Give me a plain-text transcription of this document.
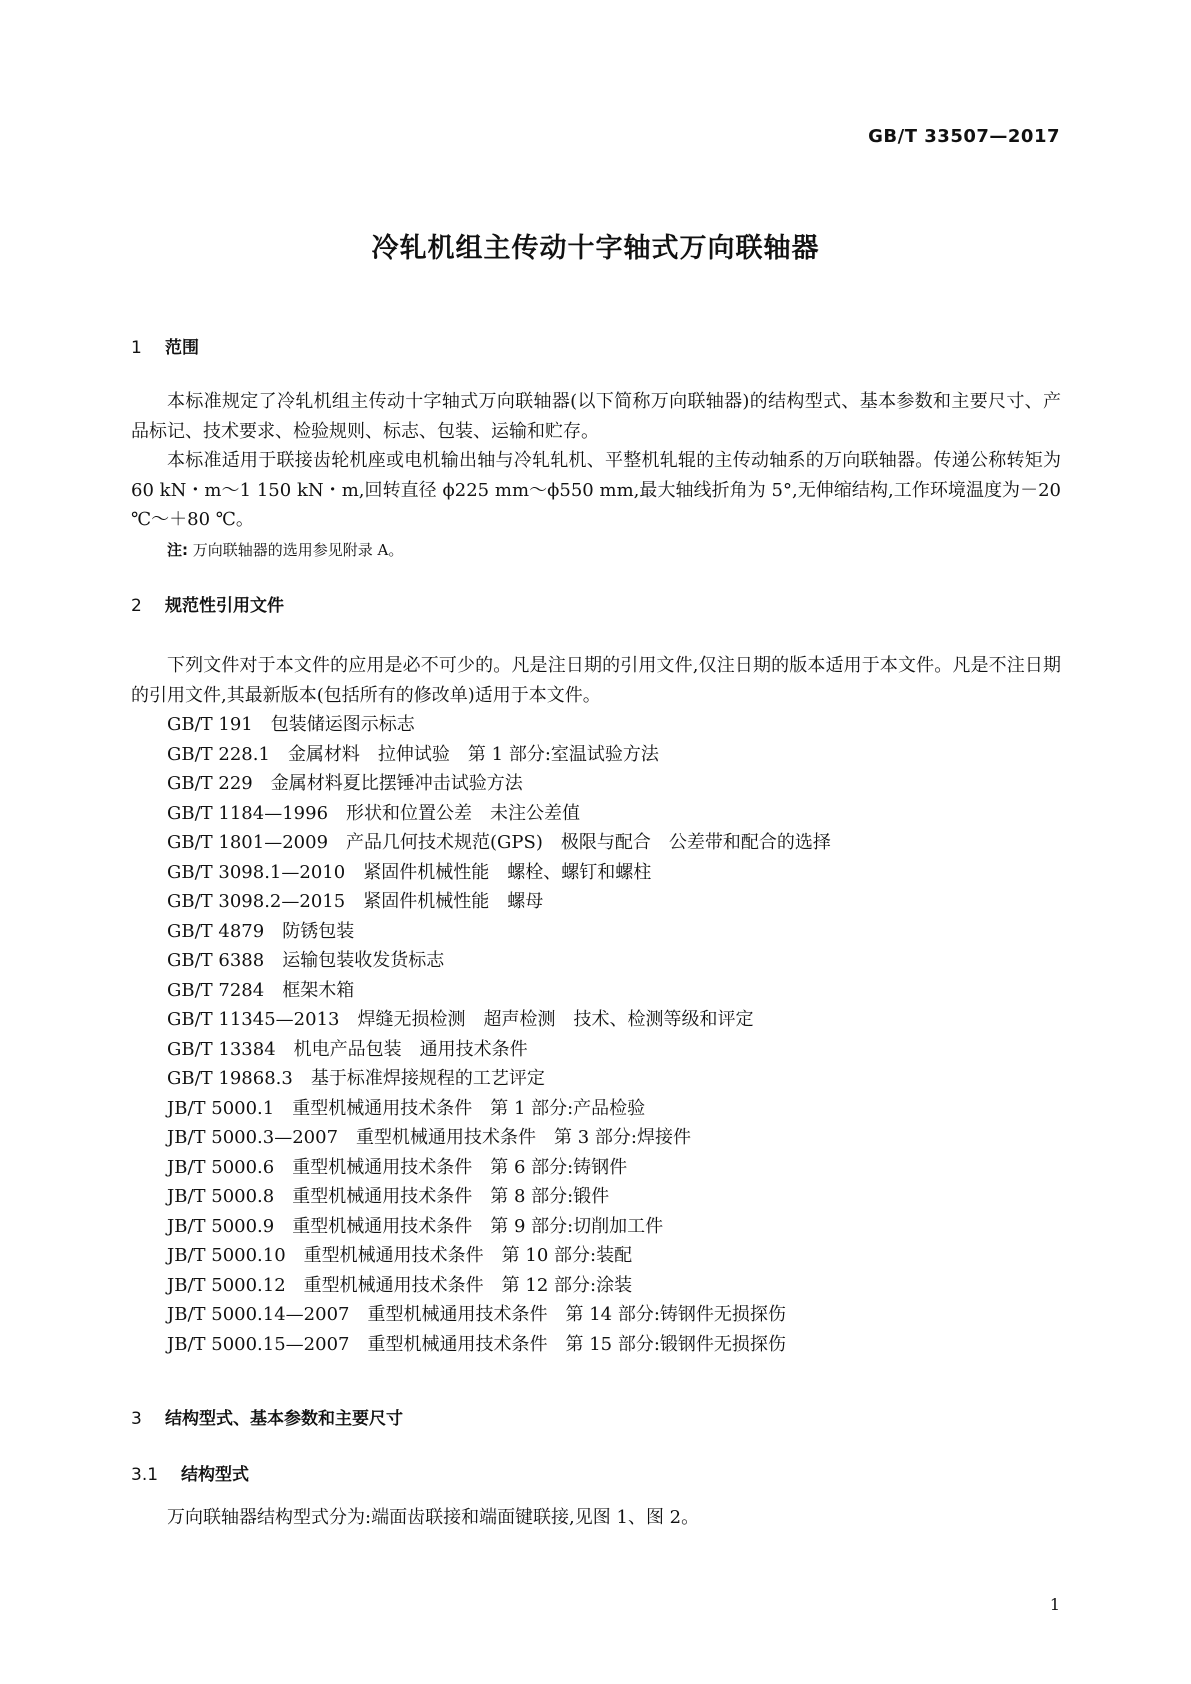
GB/T 33507—2017
冷轧机组主传动十字轴式万向联轴器
1 范围
本标准规定了冷轧机组主传动十字轴式万向联轴器(以下简称万向联轴器)的结构型式、基本参数和主要尺寸、产品标记、技术要求、检验规则、标志、包装、运输和贮存。
本标准适用于联接齿轮机座或电机输出轴与冷轧轧机、平整机轧辊的主传动轴系的万向联轴器。传递公称转矩为 60 kN・m～1 150 kN・m,回转直径 ϕ225 mm～ϕ550 mm,最大轴线折角为 5°,无伸缩结构,工作环境温度为－20 ℃～＋80 ℃。
注: 万向联轴器的选用参见附录 A。
2 规范性引用文件
下列文件对于本文件的应用是必不可少的。凡是注日期的引用文件,仅注日期的版本适用于本文件。凡是不注日期的引用文件,其最新版本(包括所有的修改单)适用于本文件。
GB/T 191 包装储运图示标志
GB/T 228.1 金属材料　拉伸试验　第 1 部分:室温试验方法
GB/T 229 金属材料夏比摆锤冲击试验方法
GB/T 1184—1996 形状和位置公差　未注公差值
GB/T 1801—2009 产品几何技术规范(GPS)　极限与配合　公差带和配合的选择
GB/T 3098.1—2010 紧固件机械性能　螺栓、螺钉和螺柱
GB/T 3098.2—2015 紧固件机械性能　螺母
GB/T 4879 防锈包装
GB/T 6388 运输包装收发货标志
GB/T 7284 框架木箱
GB/T 11345—2013 焊缝无损检测　超声检测　技术、检测等级和评定
GB/T 13384 机电产品包装　通用技术条件
GB/T 19868.3 基于标准焊接规程的工艺评定
JB/T 5000.1 重型机械通用技术条件　第 1 部分:产品检验
JB/T 5000.3—2007 重型机械通用技术条件　第 3 部分:焊接件
JB/T 5000.6 重型机械通用技术条件　第 6 部分:铸钢件
JB/T 5000.8 重型机械通用技术条件　第 8 部分:锻件
JB/T 5000.9 重型机械通用技术条件　第 9 部分:切削加工件
JB/T 5000.10 重型机械通用技术条件　第 10 部分:装配
JB/T 5000.12 重型机械通用技术条件　第 12 部分:涂装
JB/T 5000.14—2007 重型机械通用技术条件　第 14 部分:铸钢件无损探伤
JB/T 5000.15—2007 重型机械通用技术条件　第 15 部分:锻钢件无损探伤
3 结构型式、基本参数和主要尺寸
3.1 结构型式
万向联轴器结构型式分为:端面齿联接和端面键联接,见图 1、图 2。
1
